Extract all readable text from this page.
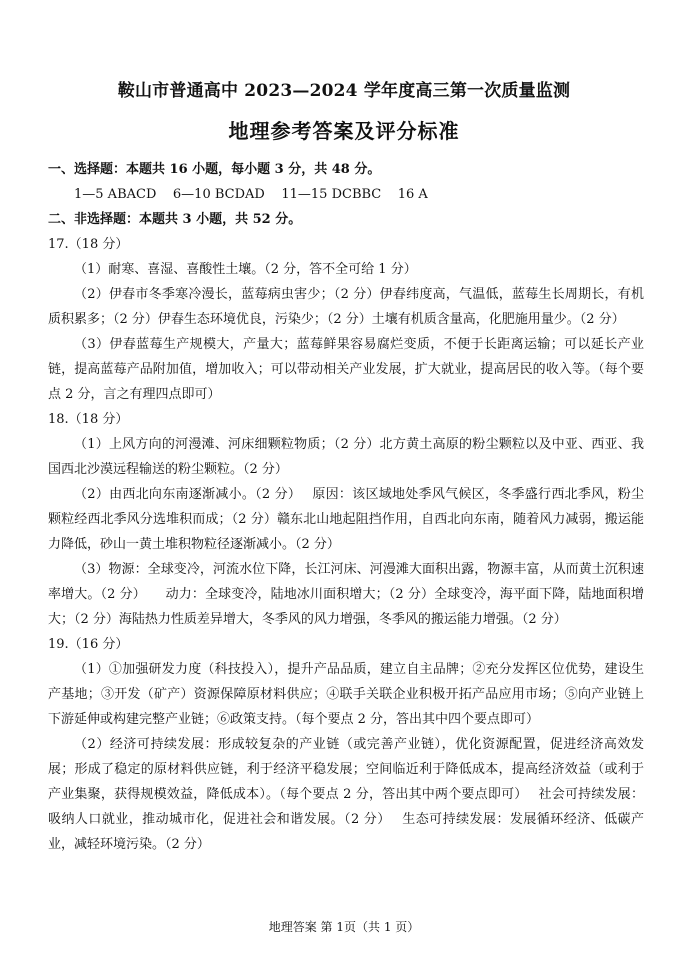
鞍山市普通高中 2023—2024 学年度高三第一次质量监测
地理参考答案及评分标准

一、选择题：本题共 16 小题，每小题 3 分，共 48 分。

1—5 ABACD    6—10 BCDAD    11—15 DCBBC    16 A

二、非选择题：本题共 3 小题，共 52 分。

17.（18 分）

（1）耐寒、喜湿、喜酸性土壤。（2 分，答不全可给 1 分）

（2）伊春市冬季寒冷漫长，蓝莓病虫害少；（2 分）伊春纬度高，气温低，蓝莓生长周期长，有机质积累多；（2 分）伊春生态环境优良，污染少；（2 分）土壤有机质含量高，化肥施用量少。（2 分）

（3）伊春蓝莓生产规模大，产量大；蓝莓鲜果容易腐烂变质，不便于长距离运输；可以延长产业链，提高蓝莓产品附加值，增加收入；可以带动相关产业发展，扩大就业，提高居民的收入等。（每个要点 2 分，言之有理四点即可）

18.（18 分）

（1）上风方向的河漫滩、河床细颗粒物质；（2 分）北方黄土高原的粉尘颗粒以及中亚、西亚、我国西北沙漠远程输送的粉尘颗粒。（2 分）

（2）由西北向东南逐渐减小。（2 分）　 原因：该区域地处季风气候区，冬季盛行西北季风，粉尘颗粒经西北季风分选堆积而成；（2 分）赣东北山地起阻挡作用，自西北向东南，随着风力减弱，搬运能力降低，砂山一黄土堆积物粒径逐渐减小。（2 分）

（3）物源：全球变冷，河流水位下降，长江河床、河漫滩大面积出露，物源丰富，从而黄土沉积速率增大。（2 分）　　动力：全球变冷，陆地冰川面积增大；（2 分）全球变冷，海平面下降，陆地面积增大；（2 分）海陆热力性质差异增大，冬季风的风力增强，冬季风的搬运能力增强。（2 分）

19.（16 分）

（1）①加强研发力度（科技投入），提升产品品质，建立自主品牌；②充分发挥区位优势，建设生产基地；③开发（矿产）资源保障原材料供应；④联手关联企业积极开拓产品应用市场；⑤向产业链上下游延伸或构建完整产业链；⑥政策支持。（每个要点 2 分，答出其中四个要点即可）

（2）经济可持续发展：形成较复杂的产业链（或完善产业链），优化资源配置，促进经济高效发展；形成了稳定的原材料供应链，利于经济平稳发展；空间临近利于降低成本，提高经济效益（或利于产业集聚，获得规模效益，降低成本）。（每个要点 2 分，答出其中两个要点即可）　 社会可持续发展：吸纳人口就业，推动城市化，促进社会和谐发展。（2 分）　 生态可持续发展：发展循环经济、低碳产业，减轻环境污染。（2 分）

地理答案 第 1页（共 1 页）
